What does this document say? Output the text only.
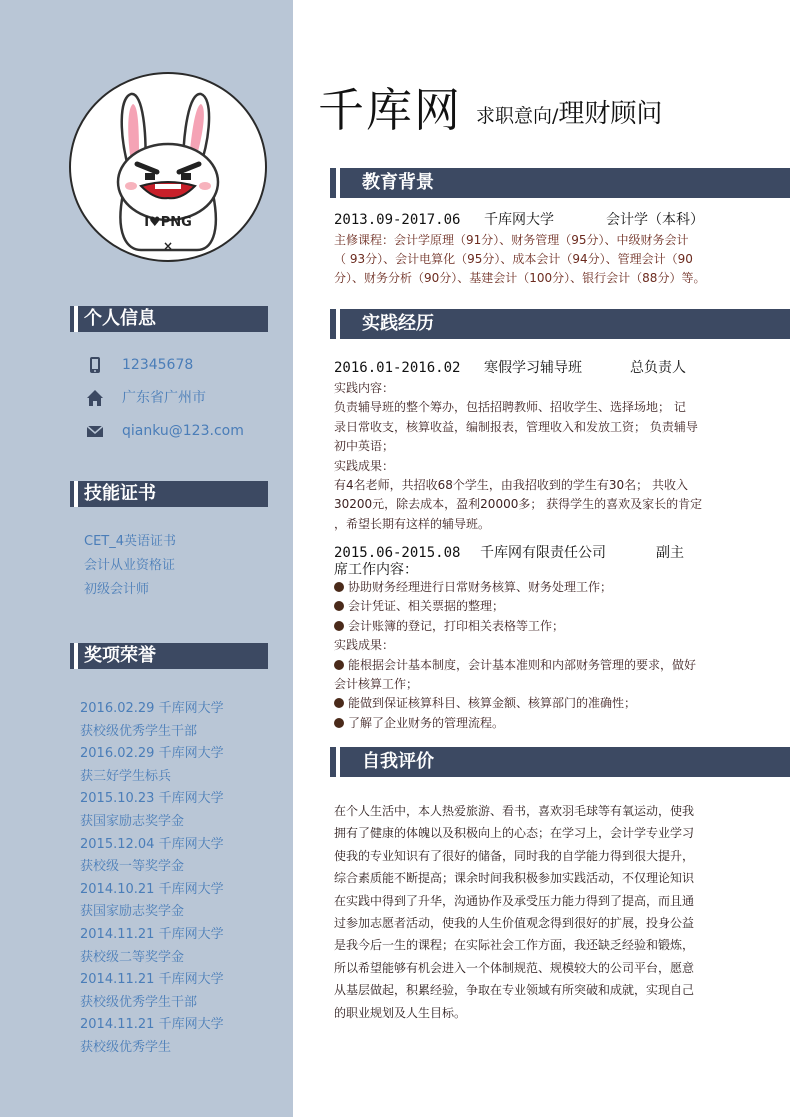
I♥PNG
×
个人信息
12345678
广东省广州市
qianku@123.com
技能证书
CET_4英语证书
会计从业资格证
初级会计师
奖项荣誉
2016.02.29 千库网大学
获校级优秀学生干部
2016.02.29 千库网大学
获三好学生标兵
2015.10.23 千库网大学
获国家励志奖学金
2015.12.04 千库网大学
获校级一等奖学金
2014.10.21 千库网大学
获国家励志奖学金
2014.11.21 千库网大学
获校级二等奖学金
2014.11.21 千库网大学
获校级优秀学生干部
2014.11.21 千库网大学
获校级优秀学生
千库网 求职意向/理财顾问
教育背景
2013.09-2017.06 千库网大学	会计学（本科）
主修课程：会计学原理（91分）、财务管理（95分）、中级财务会计
（ 93分）、会计电算化（95分）、成本会计（94分）、管理会计（90
分）、财务分析（90分）、基建会计（100分）、银行会计（88分）等。
实践经历
2016.01-2016.02 寒假学习辅导班	总负责人
实践内容：
负责辅导班的整个筹办，包括招聘教师、招收学生、选择场地； 记
录日常收支，核算收益，编制报表，管理收入和发放工资； 负责辅导
初中英语；
实践成果：
有4名老师，共招收68个学生，由我招收到的学生有30名； 共收入
30200元，除去成本，盈利20000多； 获得学生的喜欢及家长的肯定
，希望长期有这样的辅导班。
2015.06-2015.08 千库网有限责任公司	副主
席工作内容：
协助财务经理进行日常财务核算、财务处理工作；
会计凭证、相关票据的整理；
会计账簿的登记，打印相关表格等工作；
实践成果：
能根据会计基本制度，会计基本准则和内部财务管理的要求，做好
会计核算工作；
能做到保证核算科目、核算金额、核算部门的准确性；
了解了企业财务的管理流程。
自我评价
在个人生活中，本人热爱旅游、看书，喜欢羽毛球等有氧运动，使我
拥有了健康的体魄以及积极向上的心态；在学习上，会计学专业学习
使我的专业知识有了很好的储备，同时我的自学能力得到很大提升，
综合素质能不断提高；课余时间我积极参加实践活动，不仅理论知识
在实践中得到了升华，沟通协作及承受压力能力得到了提高，而且通
过参加志愿者活动，使我的人生价值观念得到很好的扩展，投身公益
是我今后一生的课程；在实际社会工作方面，我还缺乏经验和锻炼，
所以希望能够有机会进入一个体制规范、规模较大的公司平台，愿意
从基层做起，积累经验，争取在专业领域有所突破和成就，实现自己
的职业规划及人生目标。
